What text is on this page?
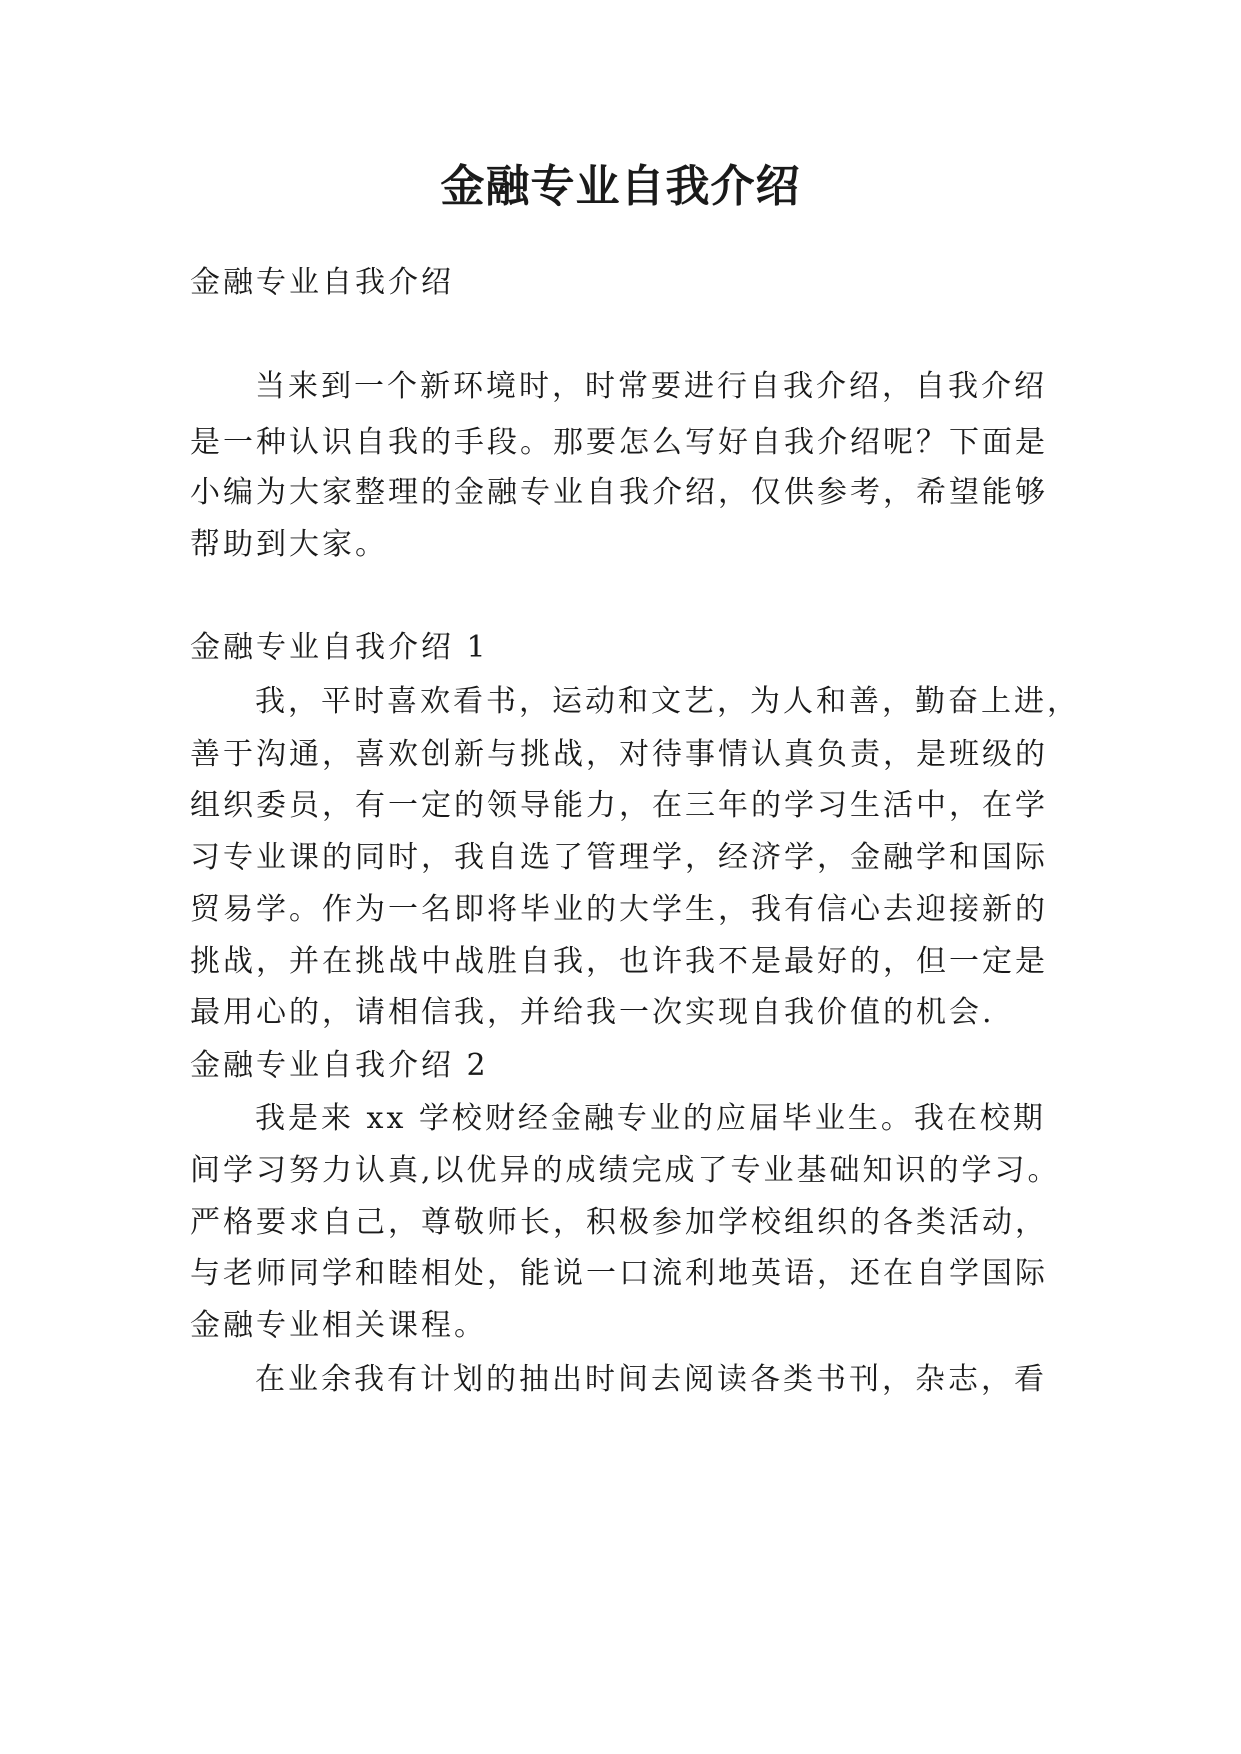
金融专业自我介绍
金融专业自我介绍
当来到一个新环境时，时常要进行自我介绍，自我介绍
是一种认识自我的手段。那要怎么写好自我介绍呢？下面是
小编为大家整理的金融专业自我介绍，仅供参考，希望能够
帮助到大家。
金融专业自我介绍 1
我，平时喜欢看书，运动和文艺，为人和善，勤奋上进，
善于沟通，喜欢创新与挑战，对待事情认真负责，是班级的
组织委员，有一定的领导能力，在三年的学习生活中，在学
习专业课的同时，我自选了管理学，经济学，金融学和国际
贸易学。作为一名即将毕业的大学生，我有信心去迎接新的
挑战，并在挑战中战胜自我，也许我不是最好的，但一定是
最用心的，请相信我，并给我一次实现自我价值的机会.
金融专业自我介绍 2
我是来 xx 学校财经金融专业的应届毕业生。我在校期
间学习努力认真,以优异的成绩完成了专业基础知识的学习。
严格要求自己，尊敬师长，积极参加学校组织的各类活动，
与老师同学和睦相处，能说一口流利地英语，还在自学国际
金融专业相关课程。
在业余我有计划的抽出时间去阅读各类书刊，杂志，看
